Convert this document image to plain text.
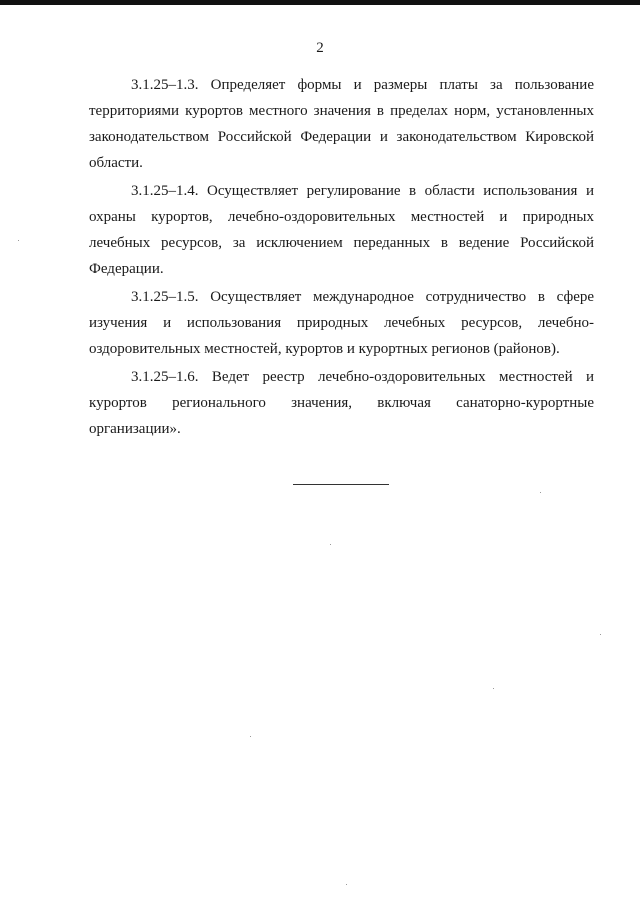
2

3.1.25–1.3. Определяет формы и размеры платы за пользование территориями курортов местного значения в пределах норм, установленных законодательством Российской Федерации и законодательством Кировской области.

3.1.25–1.4. Осуществляет регулирование в области использования и охраны курортов, лечебно-оздоровительных местностей и природных лечебных ресурсов, за исключением переданных в ведение Российской Федерации.

3.1.25–1.5. Осуществляет международное сотрудничество в сфере изучения и использования природных лечебных ресурсов, лечебно-оздоровительных местностей, курортов и курортных регионов (районов).

3.1.25–1.6. Ведет реестр лечебно-оздоровительных местностей и курортов регионального значения, включая санаторно-курортные организации».
